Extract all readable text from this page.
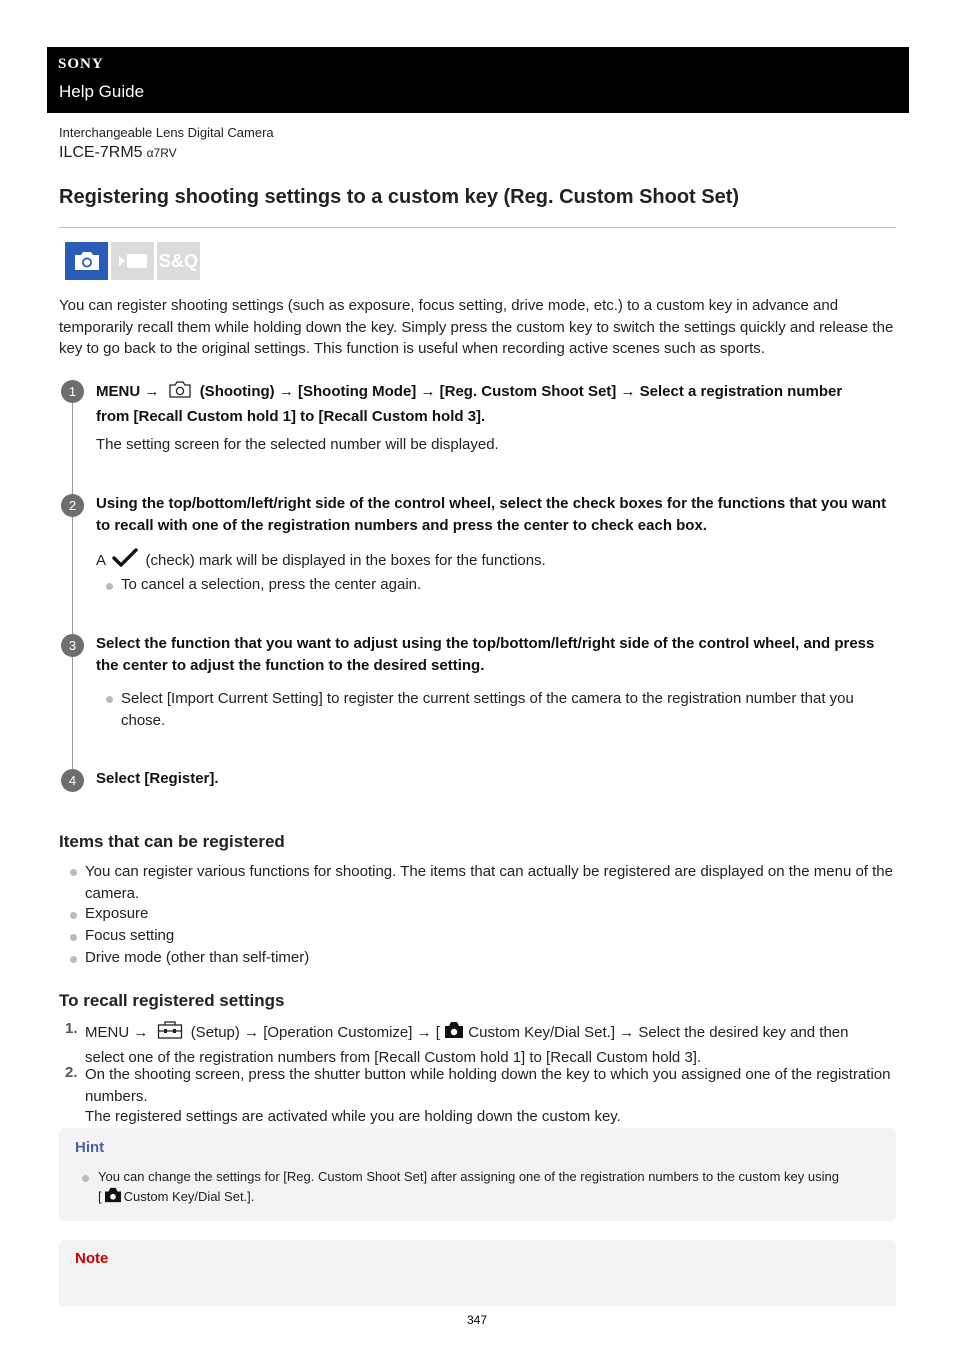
SONY
Help Guide
Interchangeable Lens Digital Camera
ILCE-7RM5 α7RV
Registering shooting settings to a custom key (Reg. Custom Shoot Set)
S&Q
You can register shooting settings (such as exposure, focus setting, drive mode, etc.) to a custom key in advance and temporarily recall them while holding down the key. Simply press the custom key to switch the settings quickly and release the key to go back to the original settings. This function is useful when recording active scenes such as sports.
1	MENU →	(Shooting) → [Shooting Mode] → [Reg. Custom Shoot Set] → Select a registration number
from [Recall Custom hold 1] to [Recall Custom hold 3].
The setting screen for the selected number will be displayed.
2	Using the top/bottom/left/right side of the control wheel, select the check boxes for the functions that you want to recall with one of the registration numbers and press the center to check each box.
A	(check) mark will be displayed in the boxes for the functions.
To cancel a selection, press the center again.
3	Select the function that you want to adjust using the top/bottom/left/right side of the control wheel, and press the center to adjust the function to the desired setting.
Select [Import Current Setting] to register the current settings of the camera to the registration number that you chose.
4	Select [Register].
Items that can be registered
You can register various functions for shooting. The items that can actually be registered are displayed on the menu of the camera.
Exposure
Focus setting
Drive mode (other than self-timer)
To recall registered settings
1. MENU →	(Setup) → [Operation Customize] → [ Custom Key/Dial Set.] → Select the desired key and then
select one of the registration numbers from [Recall Custom hold 1] to [Recall Custom hold 3].
2. On the shooting screen, press the shutter button while holding down the key to which you assigned one of the registration numbers.
The registered settings are activated while you are holding down the custom key.
Hint
You can change the settings for [Reg. Custom Shoot Set] after assigning one of the registration numbers to the custom key using
[ Custom Key/Dial Set.].
Note
347
